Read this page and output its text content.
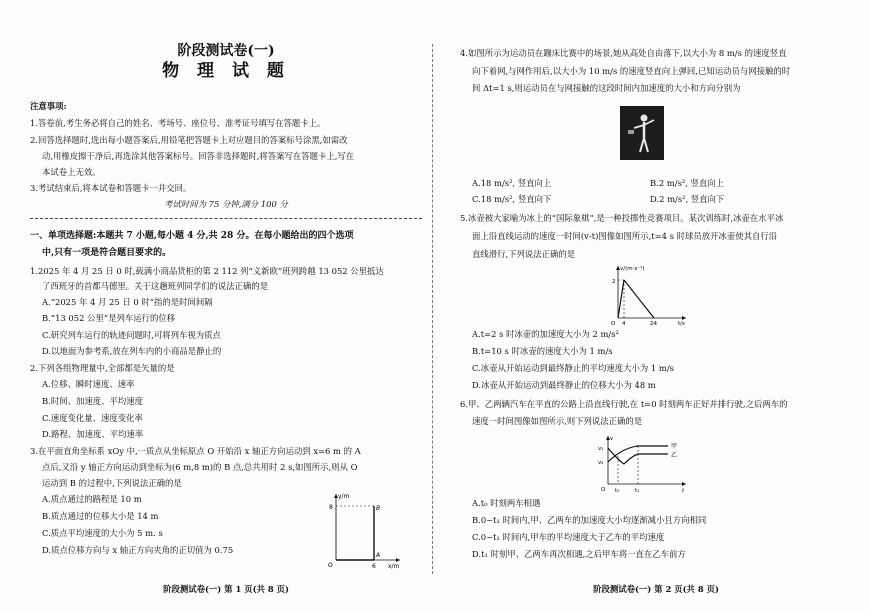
阶段测试卷(一)
物 理 试 题
注意事项:
1.答卷前,考生务必将自己的姓名、考场号、座位号、准考证号填写在答题卡上。
2.回答选择题时,选出每小题答案后,用铅笔把答题卡上对应题目的答案标号涂黑,如需改
动,用橡皮擦干净后,再选涂其他答案标号。回答非选择题时,将答案写在答题卡上,写在
本试卷上无效。
3.考试结束后,将本试卷和答题卡一并交回。
考试时间为 75 分钟,满分 100 分
一、单项选择题:本题共 7 小题,每小题 4 分,共 28 分。在每小题给出的四个选项
中,只有一项是符合题目要求的。
1.2025 年 4 月 25 日 0 时,载满小商品货柜的第 2 112 列“义新欧”班列跨越 13 052 公里抵达
了西班牙的首都马德里。关于这趟班列同学们的说法正确的是
A.“2025 年 4 月 25 日 0 时”指的是时间间隔
B.“13 052 公里”是列车运行的位移
C.研究列车运行的轨迹问题时,可将列车视为质点
D.以地面为参考系,放在列车内的小商品是静止的
2.下列各组物理量中,全部都是矢量的是
A.位移、瞬时速度、速率
B.时间、加速度、平均速度
C.速度变化量、速度变化率
D.路程、加速度、平均速率
3.在平面直角坐标系 xOy 中,一质点从坐标原点 O 开始沿 x 轴正方向运动到 x=6 m 的 A
点后,又沿 y 轴正方向运动到坐标为(6 m,8 m)的 B 点,总共用时 2 s,如图所示,则从 O
运动到 B 的过程中,下列说法正确的是
A.质点通过的路程是 10 m
B.质点通过的位移大小是 14 m
C.质点平均速度的大小为 5 m. s
D.质点位移方向与 x 轴正方向夹角的正切值为 0.75
y/m
x/m
O
8
6
A
B
阶段测试卷(一) 第 1 页(共 8 页)
4.如图所示为运动员在蹦床比赛中的场景,她从高处自由落下,以大小为 8 m/s 的速度竖直
向下着网,与网作用后,以大小为 10 m/s 的速度竖直向上弹回,已知运动员与网接触的时
间 Δt=1 s,则运动员在与网接触的这段时间内加速度的大小和方向分别为
A.18 m/s², 竖直向上	B.2 m/s², 竖直向上
C.18 m/s², 竖直向下	D.2 m/s², 竖直向下
5.冰壶被大家喻为冰上的“国际象棋”,是一种投掷性竞赛项目。某次训练时,冰壶在水平冰
面上沿直线运动的速度一时间(v-t)图像如图所示,t=4 s 时球员放开冰壶使其自行沿
直线滑行,下列说法正确的是
v/(m·s⁻¹)
t/s
O
2
4	24
A.t=2 s 时冰壶的加速度大小为 2 m/s²
B.t=10 s 时冰壶的速度大小为 1 m/s
C.冰壶从开始运动到最终静止的平均速度大小为 1 m/s
D.冰壶从开始运动到最终静止的位移大小为 48 m
6.甲、乙两辆汽车在平直的公路上沿直线行驶,在 t=0 时刻两车正好并排行驶,之后两车的
速度一时间图像如图所示,则下列说法正确的是
v
t
O
v₁
v₂
t₀	t₁
甲
乙
A.t₀ 时刻两车相遇
B.0~t₁ 时间内,甲、乙两车的加速度大小均逐渐减小且方向相同
C.0~t₁ 时间内,甲车的平均速度大于乙车的平均速度
D.t₁ 时刻甲、乙两车再次相遇,之后甲车将一直在乙车前方
阶段测试卷(一) 第 2 页(共 8 页)
